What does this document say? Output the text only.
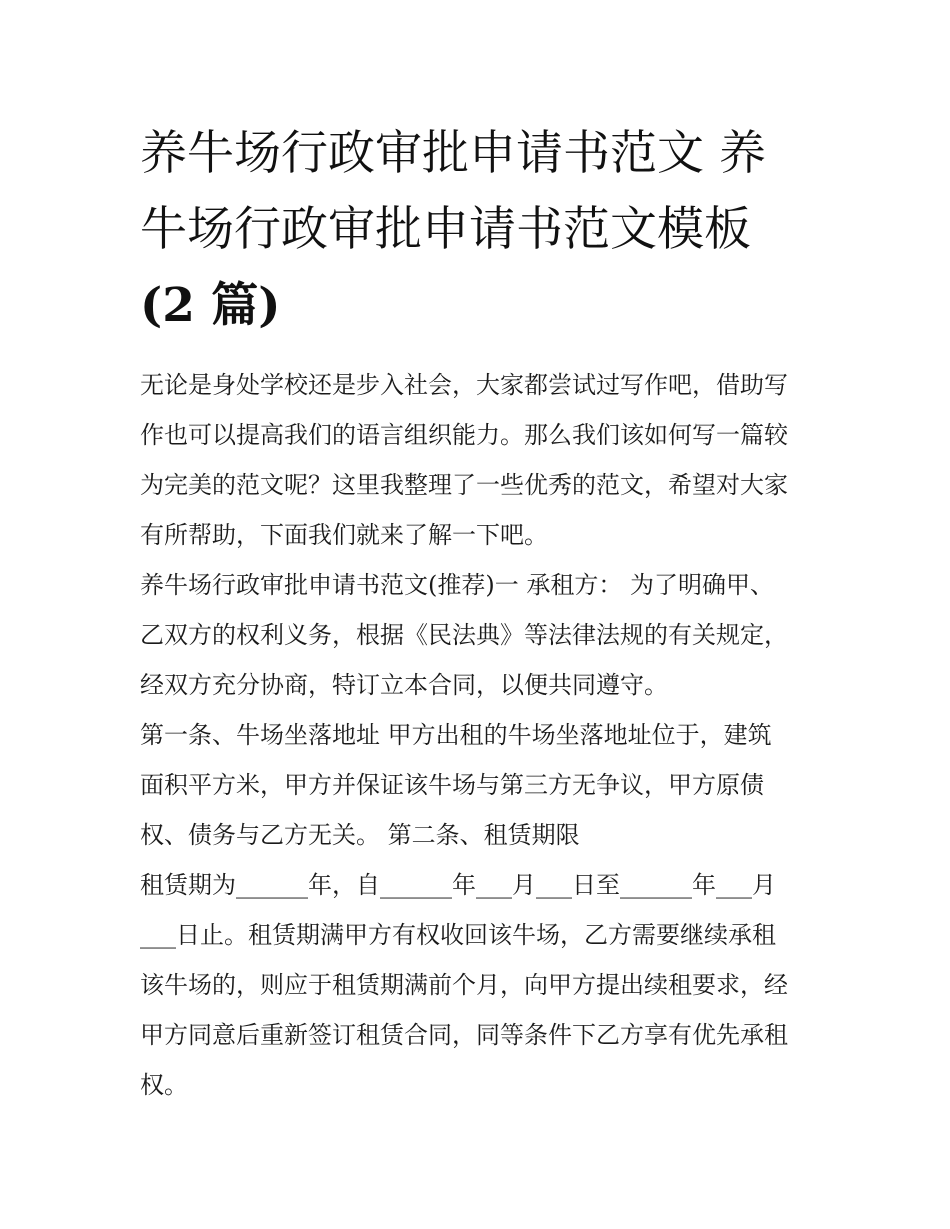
养牛场行政审批申请书范文 养
牛场行政审批申请书范文模板
(2 篇)
无论是身处学校还是步入社会，大家都尝试过写作吧，借助写
作也可以提高我们的语言组织能力。那么我们该如何写一篇较
为完美的范文呢？这里我整理了一些优秀的范文，希望对大家
有所帮助，下面我们就来了解一下吧。
养牛场行政审批申请书范文(推荐)一 承租方： 为了明确甲、
乙双方的权利义务，根据《民法典》等法律法规的有关规定，
经双方充分协商，特订立本合同，以便共同遵守。
第一条、牛场坐落地址 甲方出租的牛场坐落地址位于，建筑
面积平方米，甲方并保证该牛场与第三方无争议，甲方原债
权、债务与乙方无关。 第二条、租赁期限
租赁期为______年，自______年___月___日至______年___月
___日止。租赁期满甲方有权收回该牛场，乙方需要继续承租
该牛场的，则应于租赁期满前个月，向甲方提出续租要求，经
甲方同意后重新签订租赁合同，同等条件下乙方享有优先承租
权。
